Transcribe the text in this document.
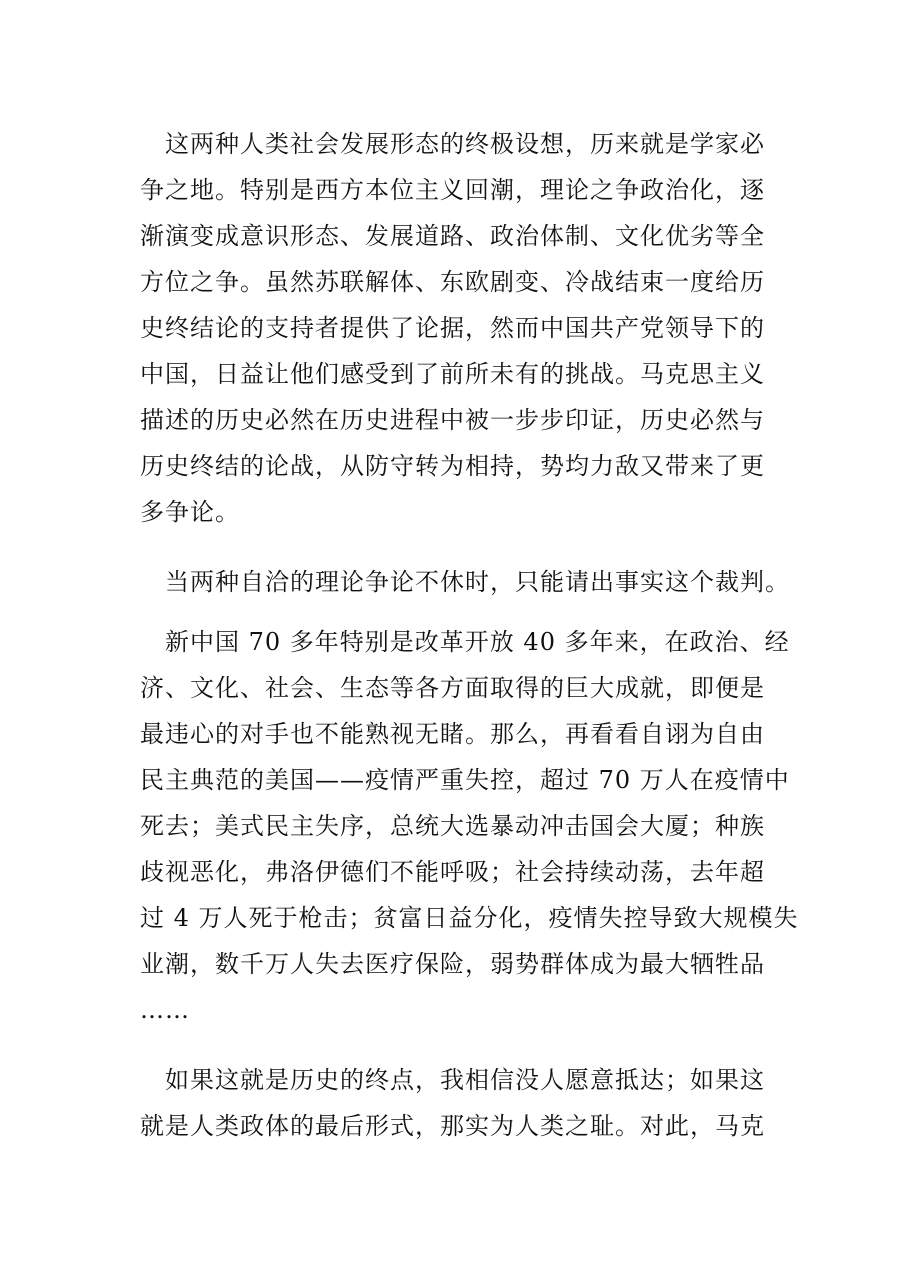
　这两种人类社会发展形态的终极设想，历来就是学家必
争之地。特别是西方本位主义回潮，理论之争政治化，逐
渐演变成意识形态、发展道路、政治体制、文化优劣等全
方位之争。虽然苏联解体、东欧剧变、冷战结束一度给历
史终结论的支持者提供了论据，然而中国共产党领导下的
中国，日益让他们感受到了前所未有的挑战。马克思主义
描述的历史必然在历史进程中被一步步印证，历史必然与
历史终结的论战，从防守转为相持，势均力敌又带来了更
多争论。
　当两种自洽的理论争论不休时，只能请出事实这个裁判。
　新中国 70 多年特别是改革开放 40 多年来，在政治、经
济、文化、社会、生态等各方面取得的巨大成就，即便是
最违心的对手也不能熟视无睹。那么，再看看自诩为自由
民主典范的美国——疫情严重失控，超过 70 万人在疫情中
死去；美式民主失序，总统大选暴动冲击国会大厦；种族
歧视恶化，弗洛伊德们不能呼吸；社会持续动荡，去年超
过 4 万人死于枪击；贫富日益分化，疫情失控导致大规模失
业潮，数千万人失去医疗保险，弱势群体成为最大牺牲品
……
　如果这就是历史的终点，我相信没人愿意抵达；如果这
就是人类政体的最后形式，那实为人类之耻。对此，马克
